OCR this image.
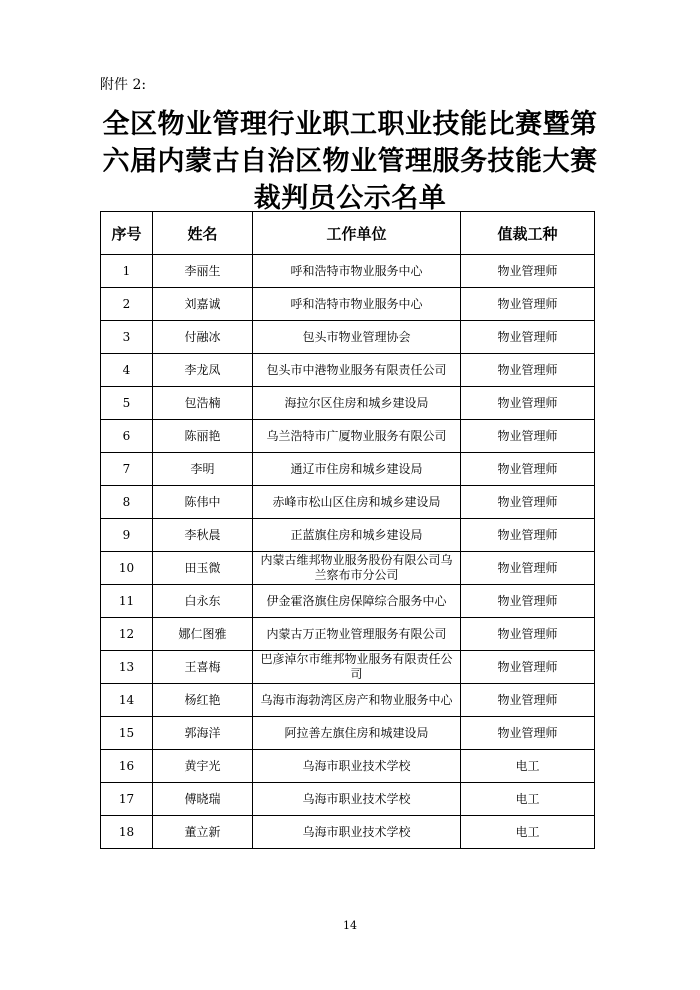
附件 2:
全区物业管理行业职工职业技能比赛暨第
六届内蒙古自治区物业管理服务技能大赛
裁判员公示名单
序号	姓名	工作单位	值裁工种
1	李丽生	呼和浩特市物业服务中心	物业管理师
2	刘嘉诚	呼和浩特市物业服务中心	物业管理师
3	付融冰	包头市物业管理协会	物业管理师
4	李龙凤	包头市中港物业服务有限责任公司	物业管理师
5	包浩楠	海拉尔区住房和城乡建设局	物业管理师
6	陈丽艳	乌兰浩特市广厦物业服务有限公司	物业管理师
7	李明	通辽市住房和城乡建设局	物业管理师
8	陈伟中	赤峰市松山区住房和城乡建设局	物业管理师
9	李秋晨	正蓝旗住房和城乡建设局	物业管理师
10	田玉微	内蒙古维邦物业服务股份有限公司乌兰察布市分公司	物业管理师
11	白永东	伊金霍洛旗住房保障综合服务中心	物业管理师
12	娜仁图雅	内蒙古万正物业管理服务有限公司	物业管理师
13	王喜梅	巴彦淖尔市维邦物业服务有限责任公司	物业管理师
14	杨红艳	乌海市海勃湾区房产和物业服务中心	物业管理师
15	郭海洋	阿拉善左旗住房和城建设局	物业管理师
16	黄宇光	乌海市职业技术学校	电工
17	傅晓瑞	乌海市职业技术学校	电工
18	董立新	乌海市职业技术学校	电工
14
